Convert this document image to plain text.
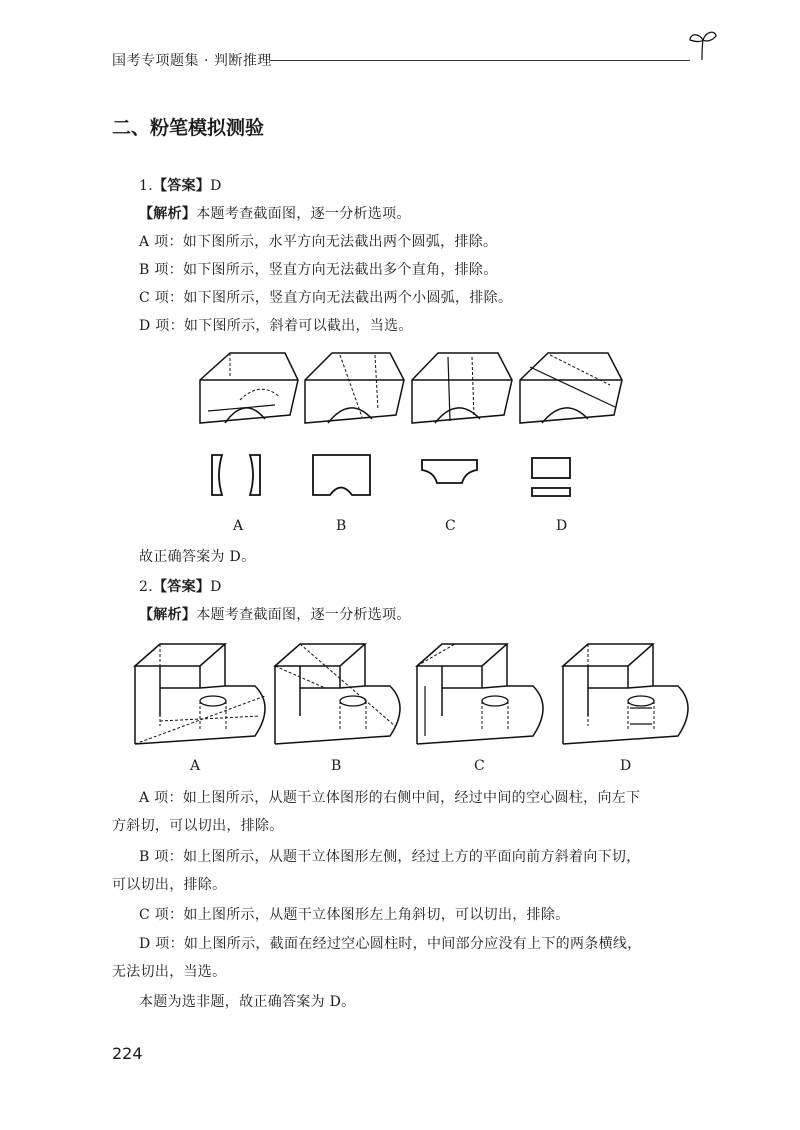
国考专项题集 · 判断推理
二、粉笔模拟测验
1.【答案】D
【解析】本题考查截面图，逐一分析选项。
A 项：如下图所示，水平方向无法截出两个圆弧，排除。
B 项：如下图所示，竖直方向无法截出多个直角，排除。
C 项：如下图所示，竖直方向无法截出两个小圆弧，排除。
D 项：如下图所示，斜着可以截出，当选。
A	B	C	D
故正确答案为 D。
2.【答案】D
【解析】本题考查截面图，逐一分析选项。
A	B	C	D
A 项：如上图所示，从题干立体图形的右侧中间，经过中间的空心圆柱，向左下
方斜切，可以切出，排除。
B 项：如上图所示，从题干立体图形左侧，经过上方的平面向前方斜着向下切，
可以切出，排除。
C 项：如上图所示，从题干立体图形左上角斜切，可以切出，排除。
D 项：如上图所示，截面在经过空心圆柱时，中间部分应没有上下的两条横线，
无法切出，当选。
本题为选非题，故正确答案为 D。
224
